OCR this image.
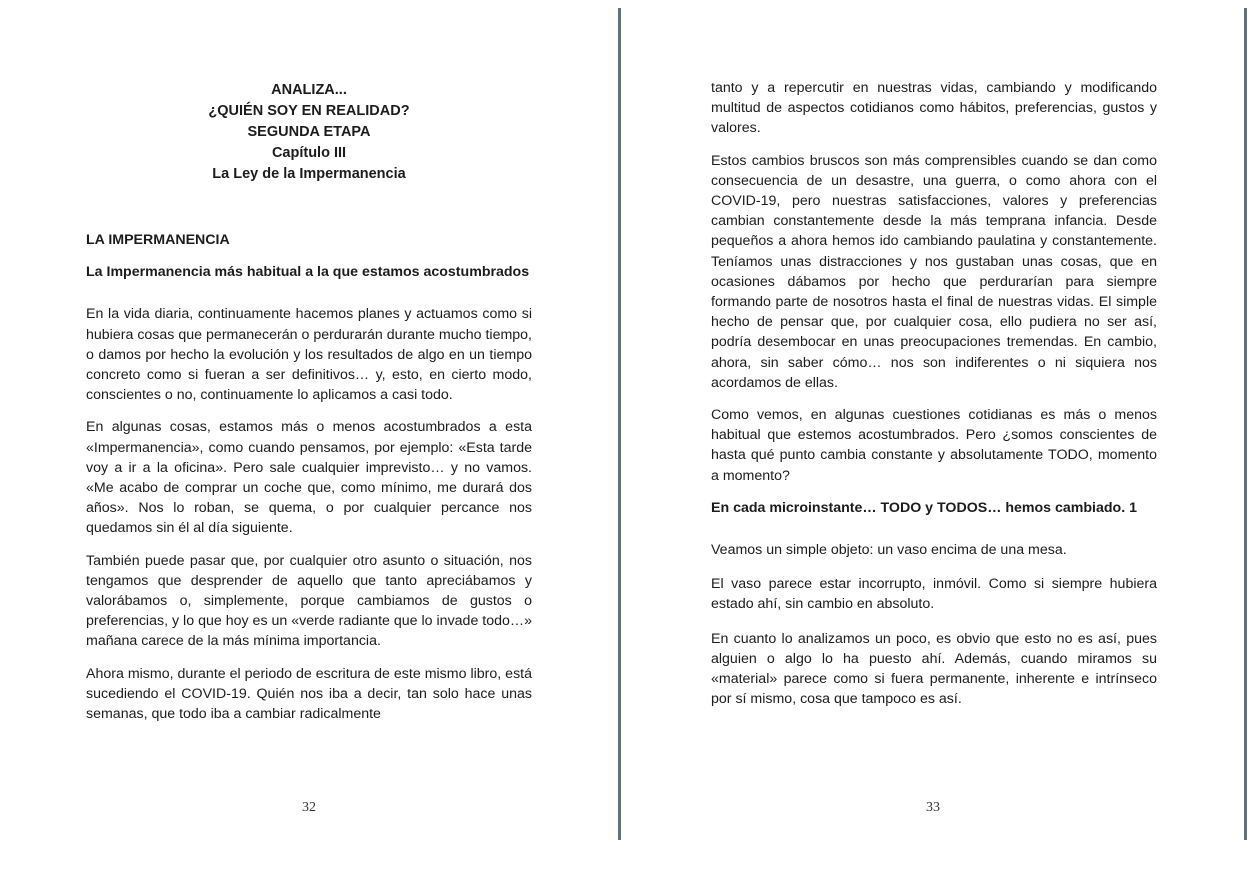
ANALIZA...
¿QUIÉN SOY EN REALIDAD?
SEGUNDA ETAPA
Capítulo III
La Ley de la Impermanencia

LA IMPERMANENCIA

La Impermanencia más habitual a la que estamos acostumbrados

En la vida diaria, continuamente hacemos planes y actuamos como si hubiera cosas que permanecerán o perdurarán durante mucho tiempo, o damos por hecho la evolución y los resultados de algo en un tiempo concreto como si fueran a ser definitivos… y, esto, en cierto modo, conscientes o no, continuamente lo aplicamos a casi todo.

En algunas cosas, estamos más o menos acostumbrados a esta «Impermanencia», como cuando pensamos, por ejemplo: «Esta tarde voy a ir a la oficina». Pero sale cualquier imprevisto… y no vamos. «Me acabo de comprar un coche que, como mínimo, me durará dos años». Nos lo roban, se quema, o por cualquier percance nos quedamos sin él al día siguiente.

También puede pasar que, por cualquier otro asunto o situación, nos tengamos que desprender de aquello que tanto apreciábamos y valorábamos o, simplemente, porque cambiamos de gustos o preferencias, y lo que hoy es un «verde radiante que lo invade todo…» mañana carece de la más mínima importancia.

Ahora mismo, durante el periodo de escritura de este mismo libro, está sucediendo el COVID-19. Quién nos iba a decir, tan solo hace unas semanas, que todo iba a cambiar radicalmente

32	33

tanto y a repercutir en nuestras vidas, cambiando y modificando multitud de aspectos cotidianos como hábitos, preferencias, gustos y valores.

Estos cambios bruscos son más comprensibles cuando se dan como consecuencia de un desastre, una guerra, o como ahora con el COVID-19, pero nuestras satisfacciones, valores y preferencias cambian constantemente desde la más temprana infancia. Desde pequeños a ahora hemos ido cambiando paulatina y constantemente. Teníamos unas distracciones y nos gustaban unas cosas, que en ocasiones dábamos por hecho que perdurarían para siempre formando parte de nosotros hasta el final de nuestras vidas. El simple hecho de pensar que, por cualquier cosa, ello pudiera no ser así, podría desembocar en unas preocupaciones tremendas. En cambio, ahora, sin saber cómo… nos son indiferentes o ni siquiera nos acordamos de ellas.

Como vemos, en algunas cuestiones cotidianas es más o menos habitual que estemos acostumbrados. Pero ¿somos conscientes de hasta qué punto cambia constante y absolutamente TODO, momento a momento?

En cada microinstante… TODO y TODOS… hemos cambiado. 1

Veamos un simple objeto: un vaso encima de una mesa.

El vaso parece estar incorrupto, inmóvil. Como si siempre hubiera estado ahí, sin cambio en absoluto.

En cuanto lo analizamos un poco, es obvio que esto no es así, pues alguien o algo lo ha puesto ahí. Además, cuando miramos su «material» parece como si fuera permanente, inherente e intrínseco por sí mismo, cosa que tampoco es así.
